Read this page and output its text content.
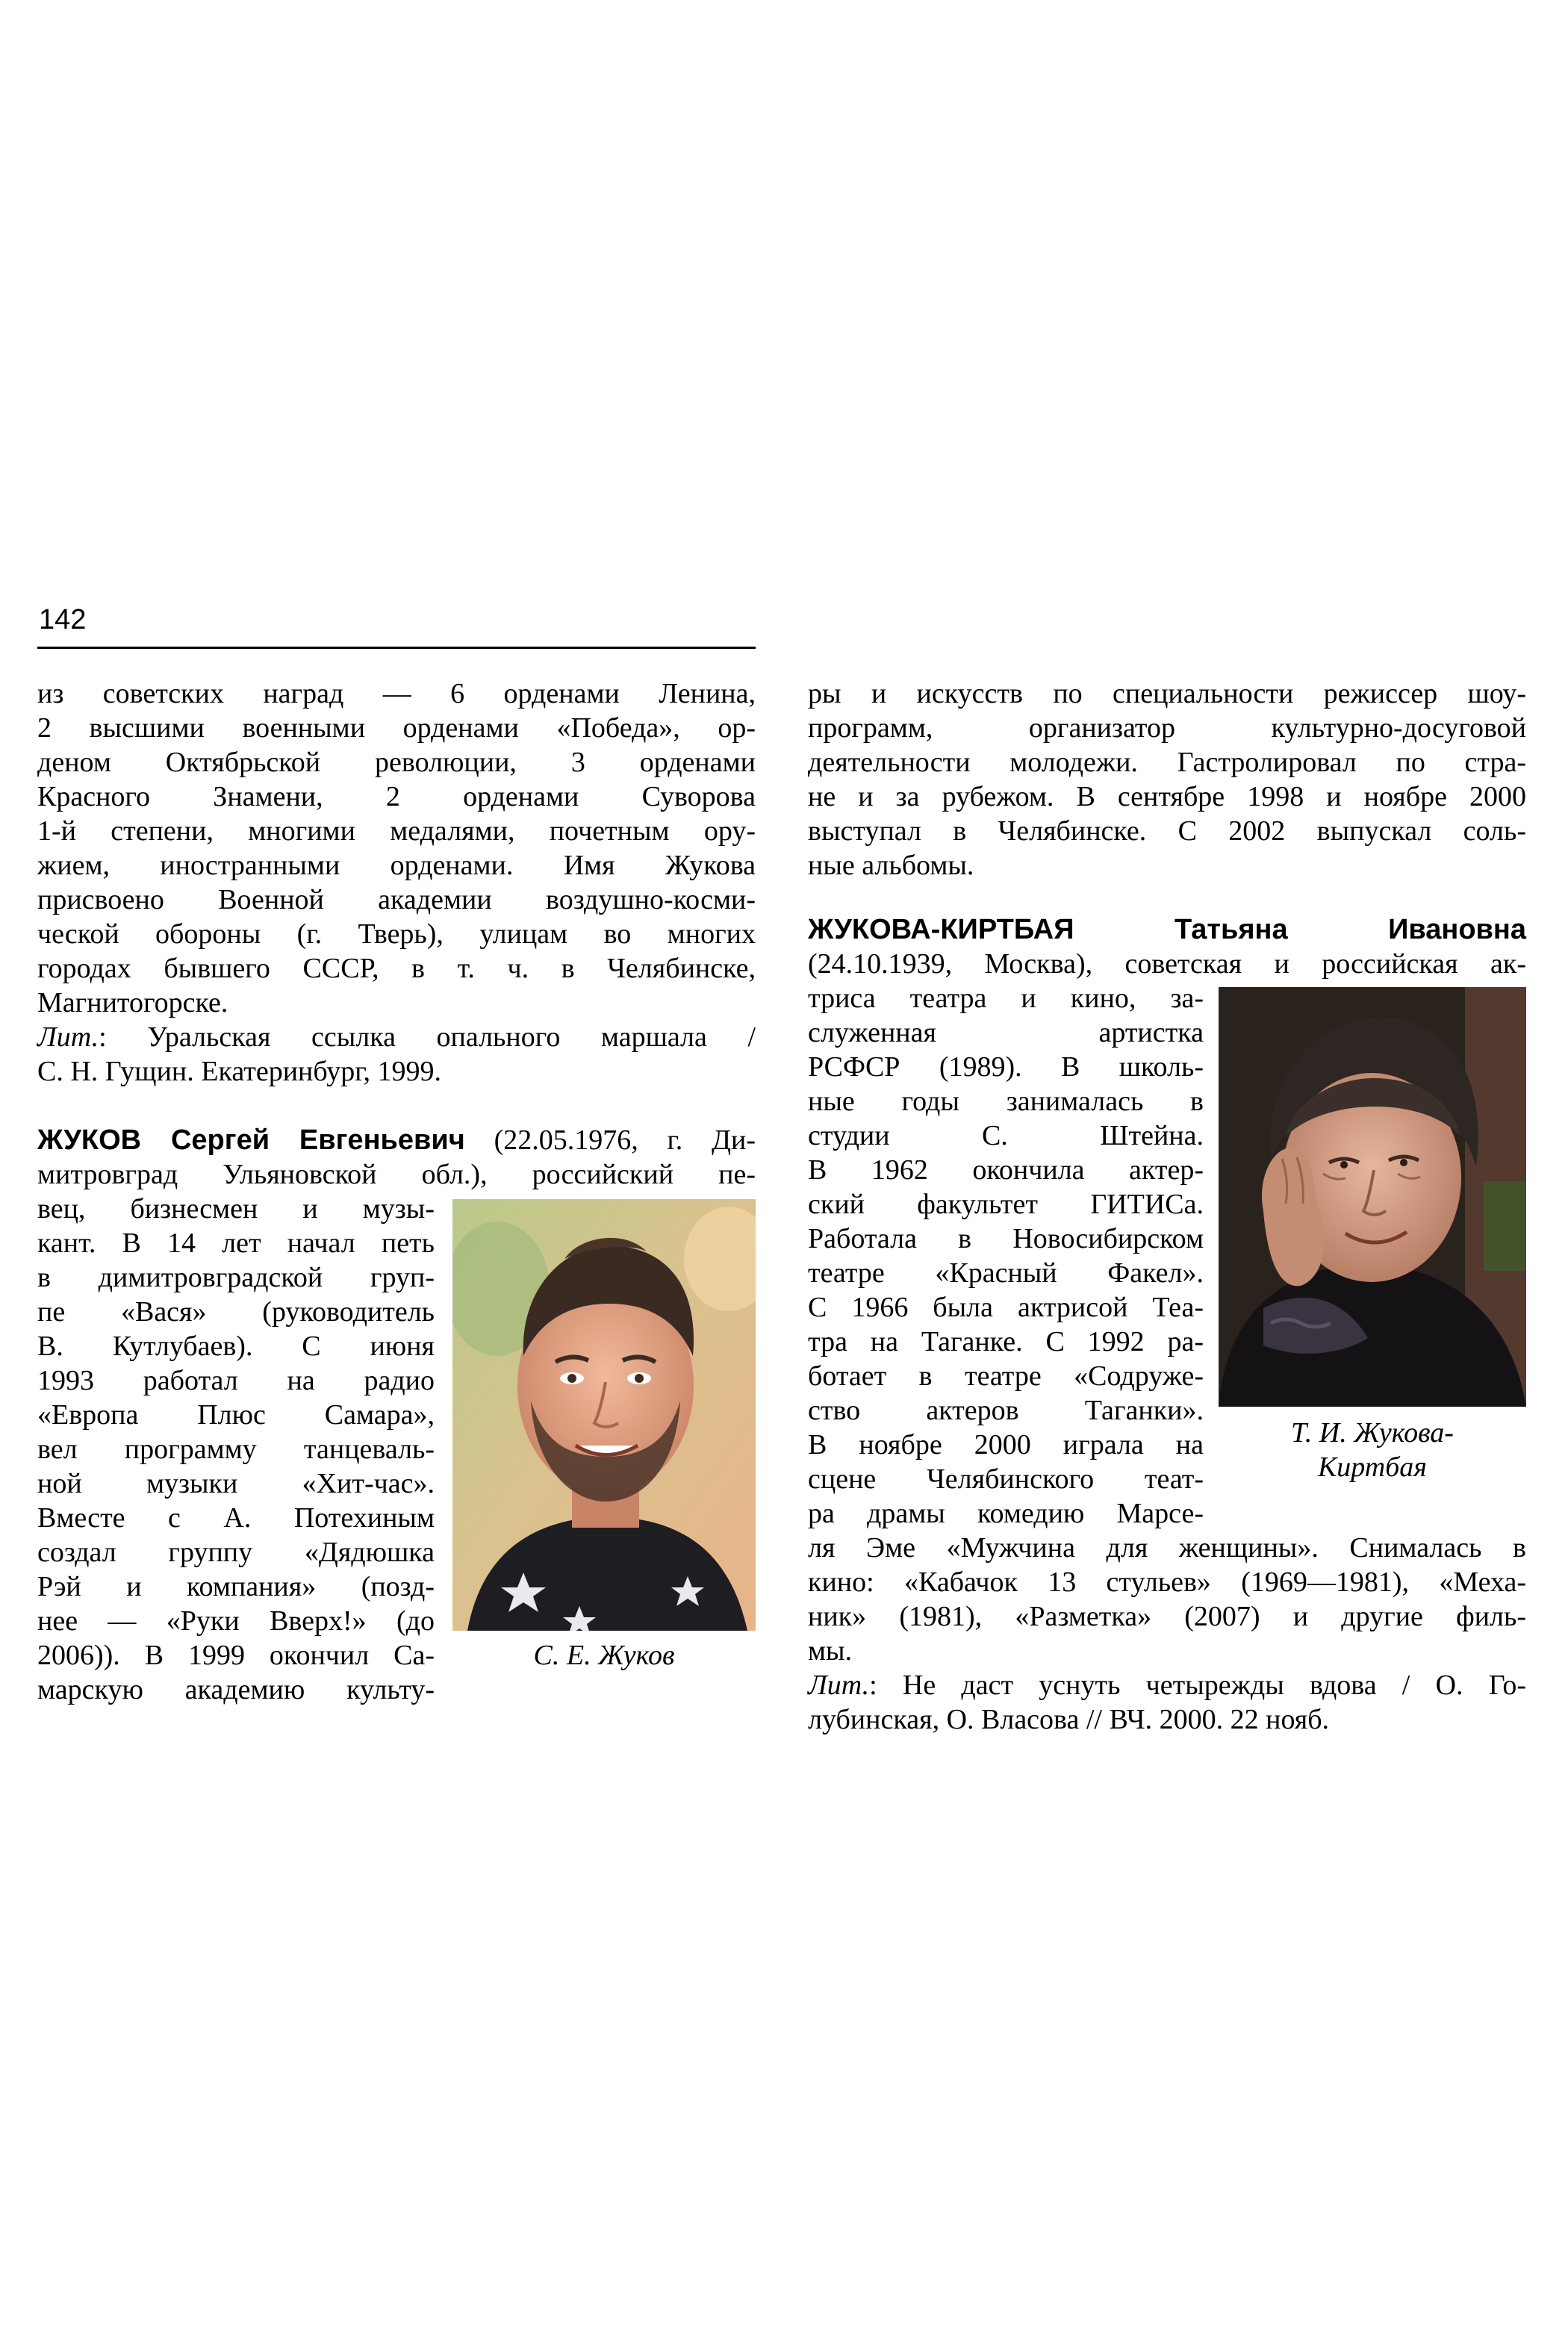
142
из советских наград — 6 орденами Ленина,
2 высшими военными орденами «Победа», ор-
деном Октябрьской революции, 3 орденами
Красного Знамени, 2 орденами Суворова
1-й степени, многими медалями, почетным ору-
жием, иностранными орденами. Имя Жукова
присвоено Военной академии воздушно-косми-
ческой обороны (г. Тверь), улицам во многих
городах бывшего СССР, в т. ч. в Челябинске,
Магнитогорске.
Лит.: Уральская ссылка опального маршала /
С. Н. Гущин. Екатеринбург, 1999.
ЖУКОВ Сергей Евгеньевич (22.05.1976, г. Ди-
митровград Ульяновской обл.), российский пе-
вец, бизнесмен и музы-
кант. В 14 лет начал петь
в димитровградской груп-
пе «Вася» (руководитель
В. Кутлубаев). С июня
1993 работал на радио
«Европа Плюс Самара»,
вел программу танцеваль-
ной музыки «Хит-час».
Вместе с А. Потехиным
создал группу «Дядюшка
Рэй и компания» (позд-
нее — «Руки Вверх!» (до
2006)). В 1999 окончил Са-
марскую академию культу-
С. Е. Жуков
ры и искусств по специальности режиссер шоу-
программ, организатор культурно-досуговой
деятельности молодежи. Гастролировал по стра-
не и за рубежом. В сентябре 1998 и ноябре 2000
выступал в Челябинске. С 2002 выпускал соль-
ные альбомы.
ЖУКОВА-КИРТБАЯ Татьяна Ивановна
(24.10.1939, Москва), советская и российская ак-
триса театра и кино, за-
служенная артистка
РСФСР (1989). В школь-
ные годы занималась в
студии С. Штейна.
В 1962 окончила актер-
ский факультет ГИТИСа.
Работала в Новосибирском
театре «Красный Факел».
С 1966 была актрисой Теа-
тра на Таганке. С 1992 ра-
ботает в театре «Содруже-
ство актеров Таганки».
В ноябре 2000 играла на
сцене Челябинского теат-
ра драмы комедию Марсе-
ля Эме «Мужчина для женщины». Снималась в
кино: «Кабачок 13 стульев» (1969—1981), «Меха-
ник» (1981), «Разметка» (2007) и другие филь-
мы.
Лит.: Не даст уснуть четырежды вдова / О. Го-
лубинская, О. Власова // ВЧ. 2000. 22 нояб.
Т. И. Жукова-
Киртбая
